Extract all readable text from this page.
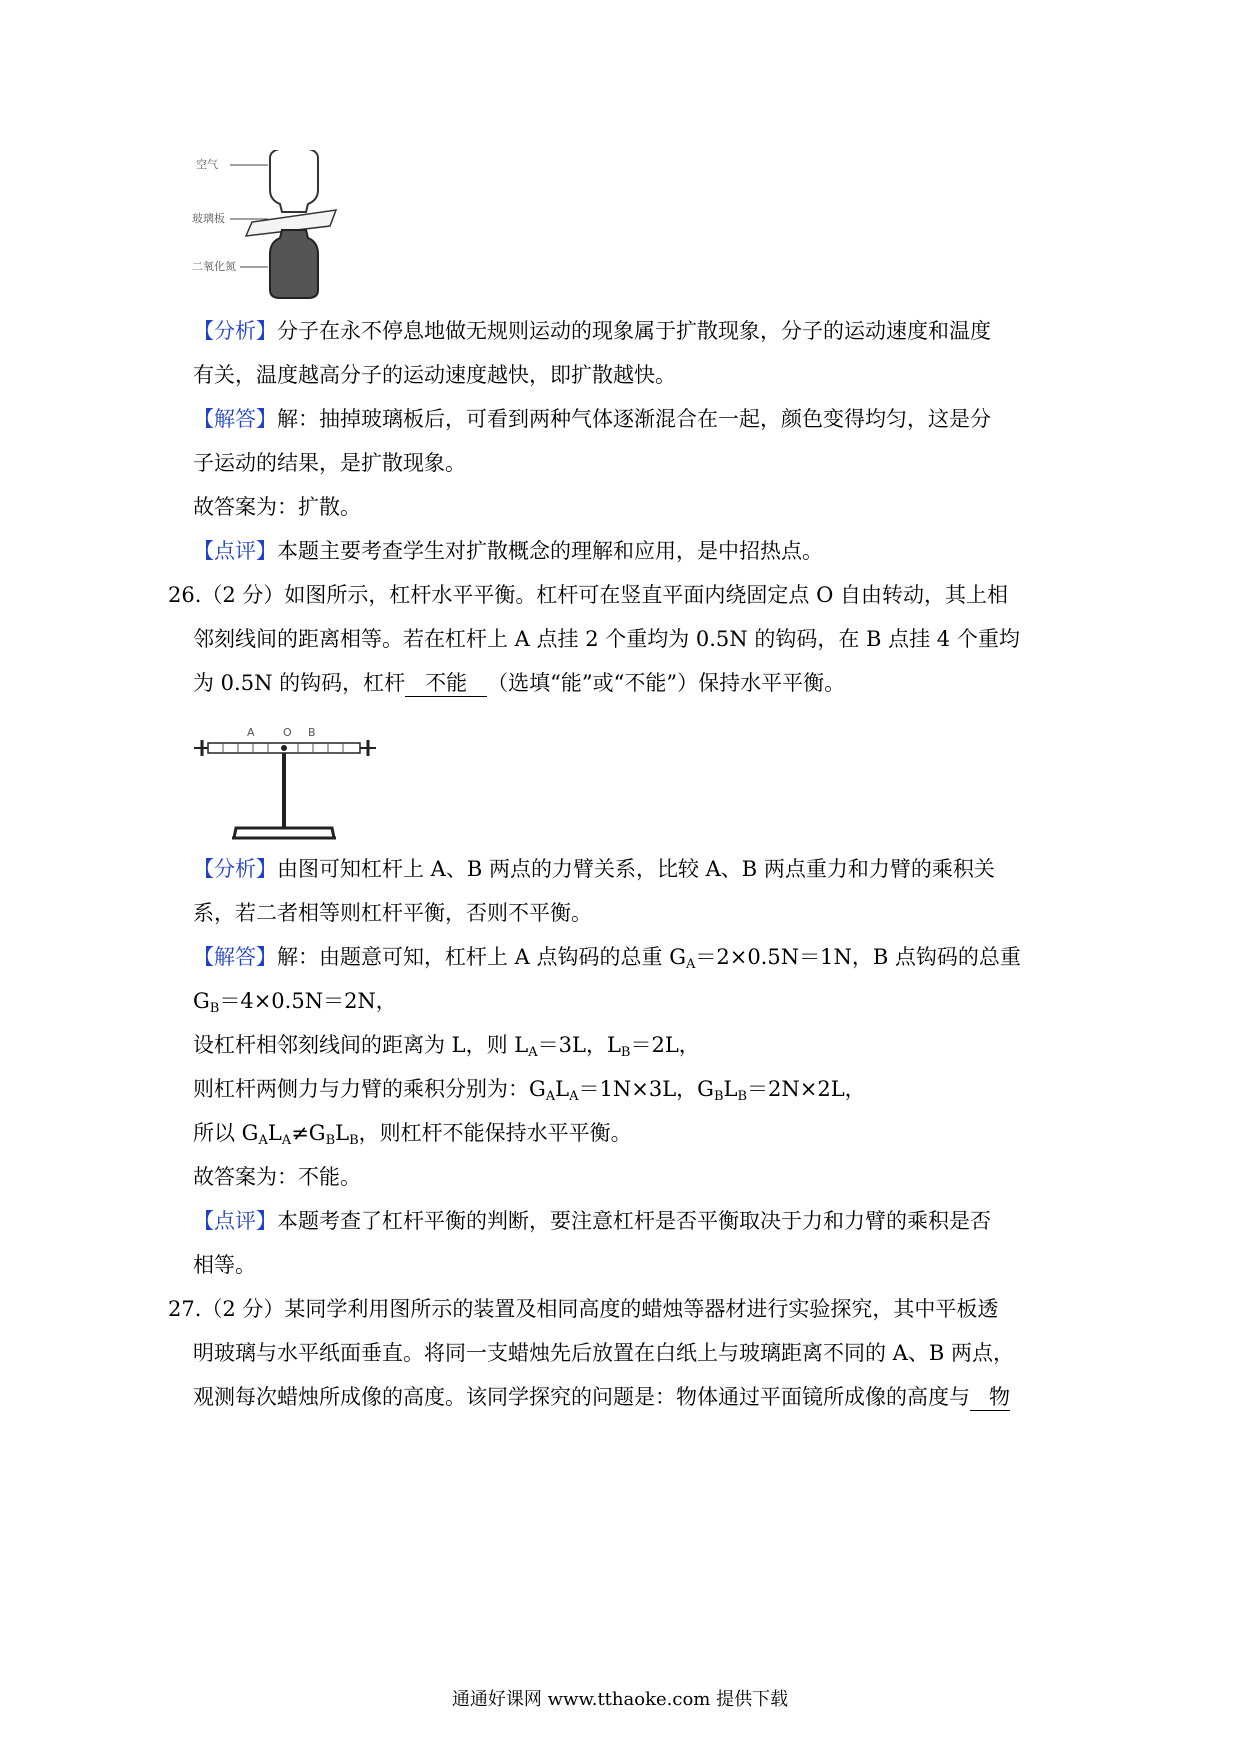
空气
玻璃板
二氧化氮
【分析】分子在永不停息地做无规则运动的现象属于扩散现象，分子的运动速度和温度
有关，温度越高分子的运动速度越快，即扩散越快。
【解答】解：抽掉玻璃板后，可看到两种气体逐渐混合在一起，颜色变得均匀，这是分
子运动的结果，是扩散现象。
故答案为：扩散。
【点评】本题主要考查学生对扩散概念的理解和应用，是中招热点。
26.（2 分）如图所示，杠杆水平平衡。杠杆可在竖直平面内绕固定点 O 自由转动，其上相
邻刻线间的距离相等。若在杠杆上 A 点挂 2 个重均为 0.5N 的钩码，在 B 点挂 4 个重均
为 0.5N 的钩码，杠杆 不能 （选填“能”或“不能”）保持水平平衡。
A	O B
【分析】由图可知杠杆上 A、B 两点的力臂关系，比较 A、B 两点重力和力臂的乘积关
系，若二者相等则杠杆平衡，否则不平衡。
【解答】解：由题意可知，杠杆上 A 点钩码的总重 $G_A=2\times 0.5N=1N$，B 点钩码的总重
$G_B=4\times 0.5N=2N$，
设杠杆相邻刻线间的距离为 L，则 $L_A=3L$，$L_B=2L$，
则杠杆两侧力与力臂的乘积分别为：$G_AL_A=1N\times 3L$，$G_BL_B=2N\times 2L$，
所以 $G_AL_A\ne G_BL_B$，则杠杆不能保持水平平衡。
故答案为：不能。
【点评】本题考查了杠杆平衡的判断，要注意杠杆是否平衡取决于力和力臂的乘积是否
相等。
27.（2 分）某同学利用图所示的装置及相同高度的蜡烛等器材进行实验探究，其中平板透
明玻璃与水平纸面垂直。将同一支蜡烛先后放置在白纸上与玻璃距离不同的 A、B 两点，
观测每次蜡烛所成像的高度。该同学探究的问题是：物体通过平面镜所成像的高度与 物
通通好课网 www.tthaoke.com 提供下载
